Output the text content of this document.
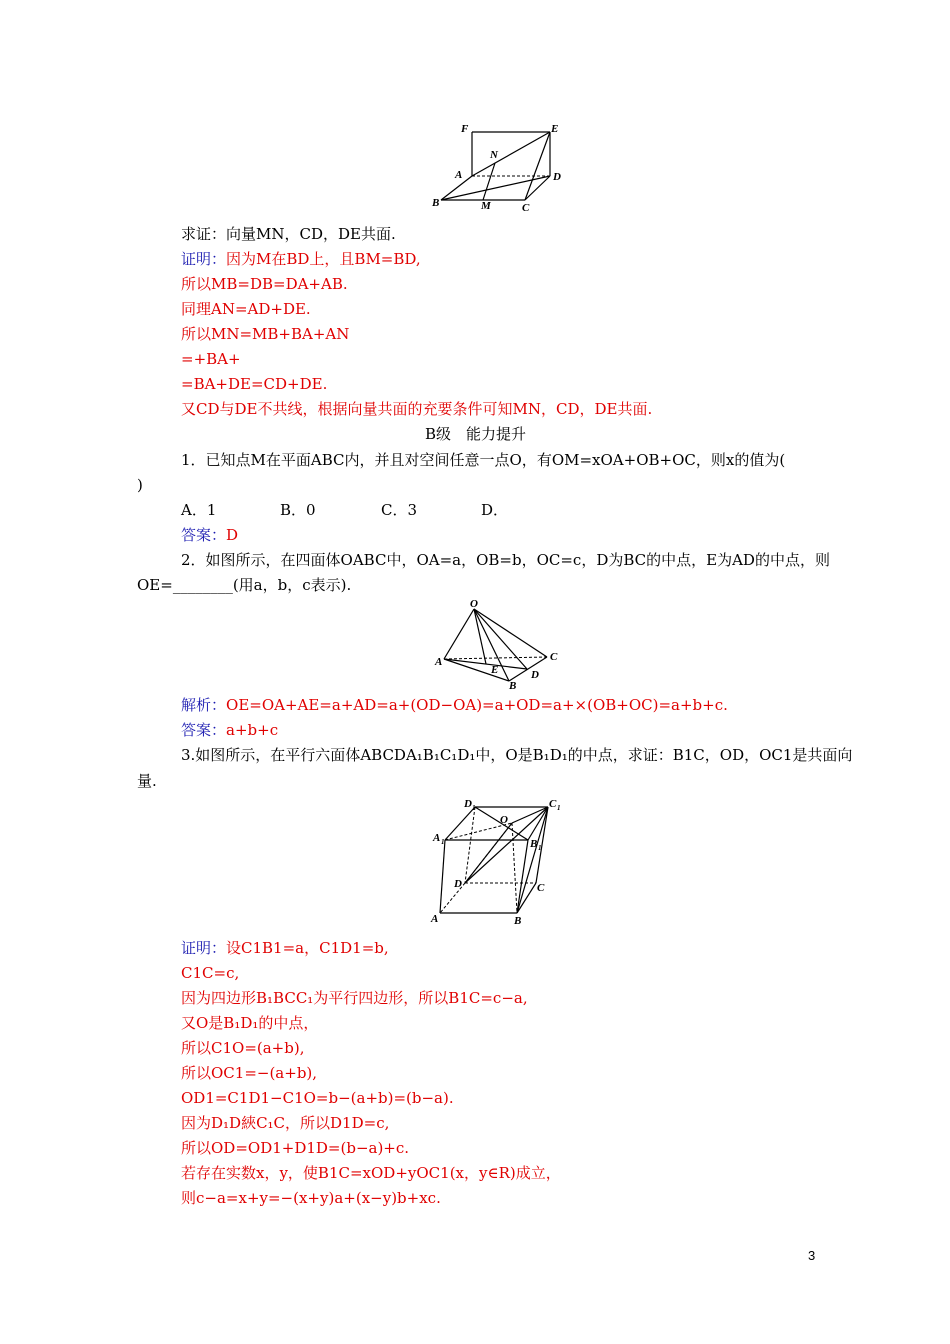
F	E
N
A	D
B	M	C
求证：向量MN，CD，DE共面.
证明：因为M在BD上，且BM=BD,
所以MB=DB=DA+AB.
同理AN=AD+DE.
所以MN=MB+BA+AN
=+BA+
=BA+DE=CD+DE.
又CD与DE不共线，根据向量共面的充要条件可知MN，CD，DE共面.
B级　能力提升
1．已知点M在平面ABC内，并且对空间任意一点O，有OM=xOA+OB+OC，则x的值为(
)
A．1	B．0	C．3	D．
答案：D
2．如图所示，在四面体OABC中，OA=a，OB=b，OC=c，D为BC的中点，E为AD的中点，则
OE=________(用a，b，c表示).
O
A
E
B
D
C
解析：OE=OA+AE=a+AD=a+(OD−OA)=a+OD=a+×(OB+OC)=a+b+c.
答案：a+b+c
3.如图所示，在平行六面体ABCDA₁B₁C₁D₁中，O是B₁D₁的中点，求证：B1C，OD，OC1是共面向
量.
D 1	C 1
O
A 1	B 1
D	C
A	B
证明：设C1B1=a，C1D1=b,
C1C=c,
因为四边形B₁BCC₁为平行四边形，所以B1C=c−a,
又O是B₁D₁的中点，
所以C1O=(a+b),
所以OC1=−(a+b),
OD1=C1D1−C1O=b−(a+b)=(b−a).
因为D₁D綊C₁C，所以D1D=c,
所以OD=OD1+D1D=(b−a)+c.
若存在实数x，y，使B1C=xOD+yOC1(x，y∈R)成立，
则c−a=x+y=−(x+y)a+(x−y)b+xc.
3
